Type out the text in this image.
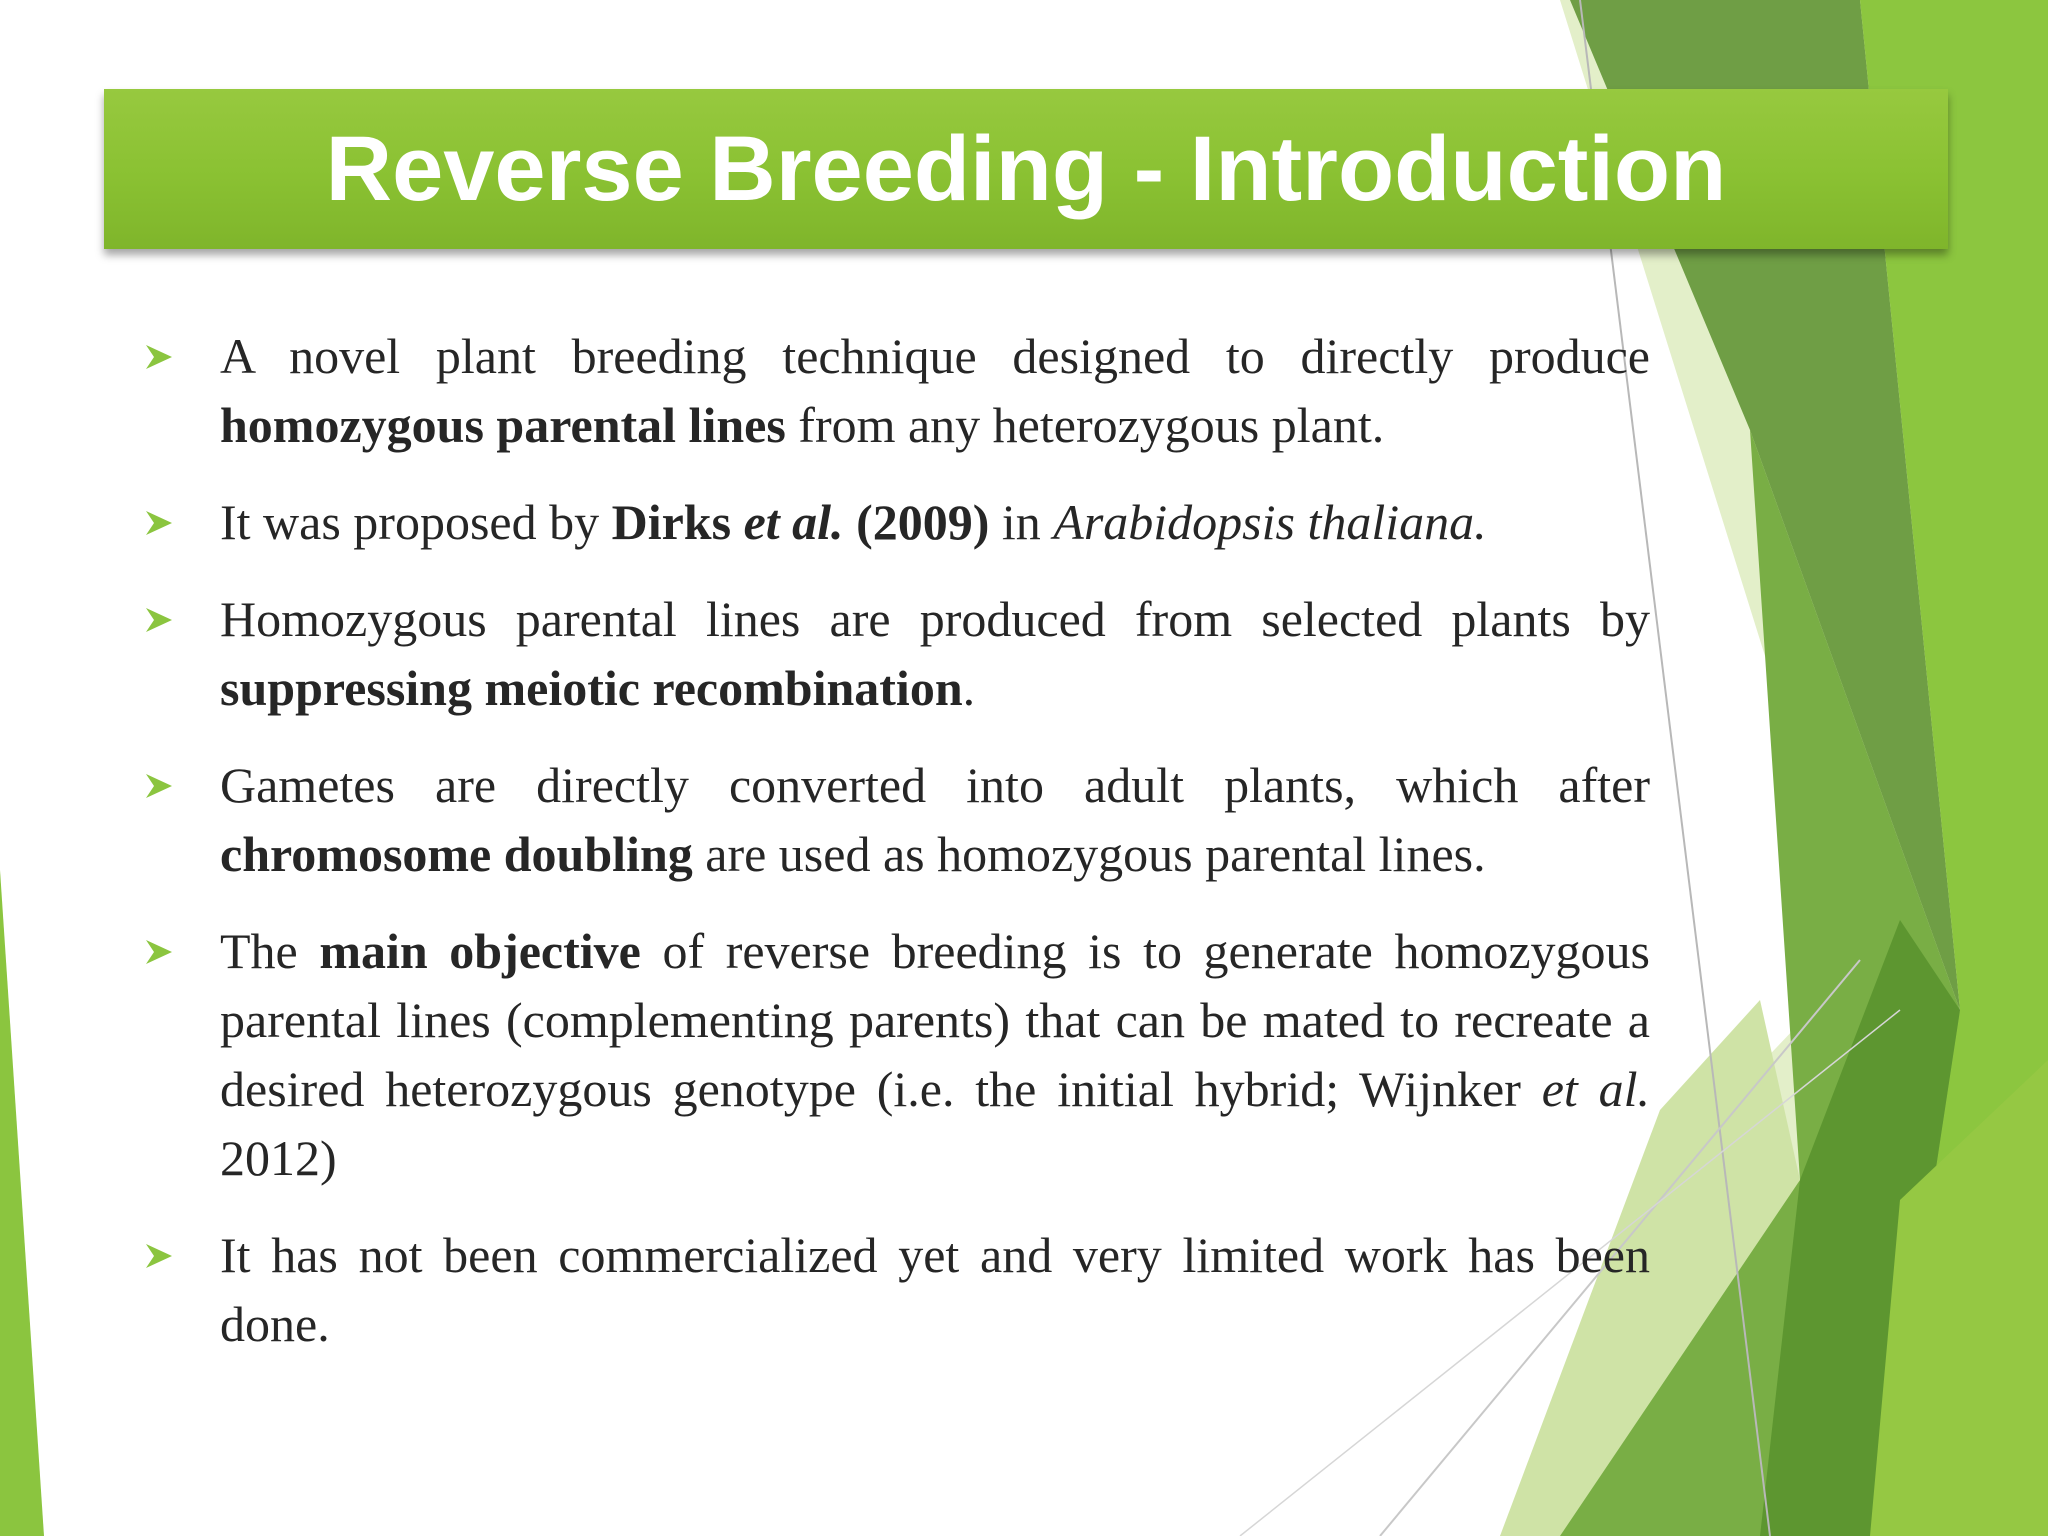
Reverse Breeding - Introduction
A novel plant breeding technique designed to directly produce homozygous parental lines from any heterozygous plant.
It was proposed by Dirks et al. (2009) in Arabidopsis thaliana.
Homozygous parental lines are produced from selected plants by suppressing meiotic recombination.
Gametes are directly converted into adult plants, which after chromosome doubling are used as homozygous parental lines.
The main objective of reverse breeding is to generate homozygous parental lines (complementing parents) that can be mated to recreate a desired heterozygous genotype (i.e. the initial hybrid; Wijnker et al. 2012)
It has not been commercialized yet and very limited work has been done.
